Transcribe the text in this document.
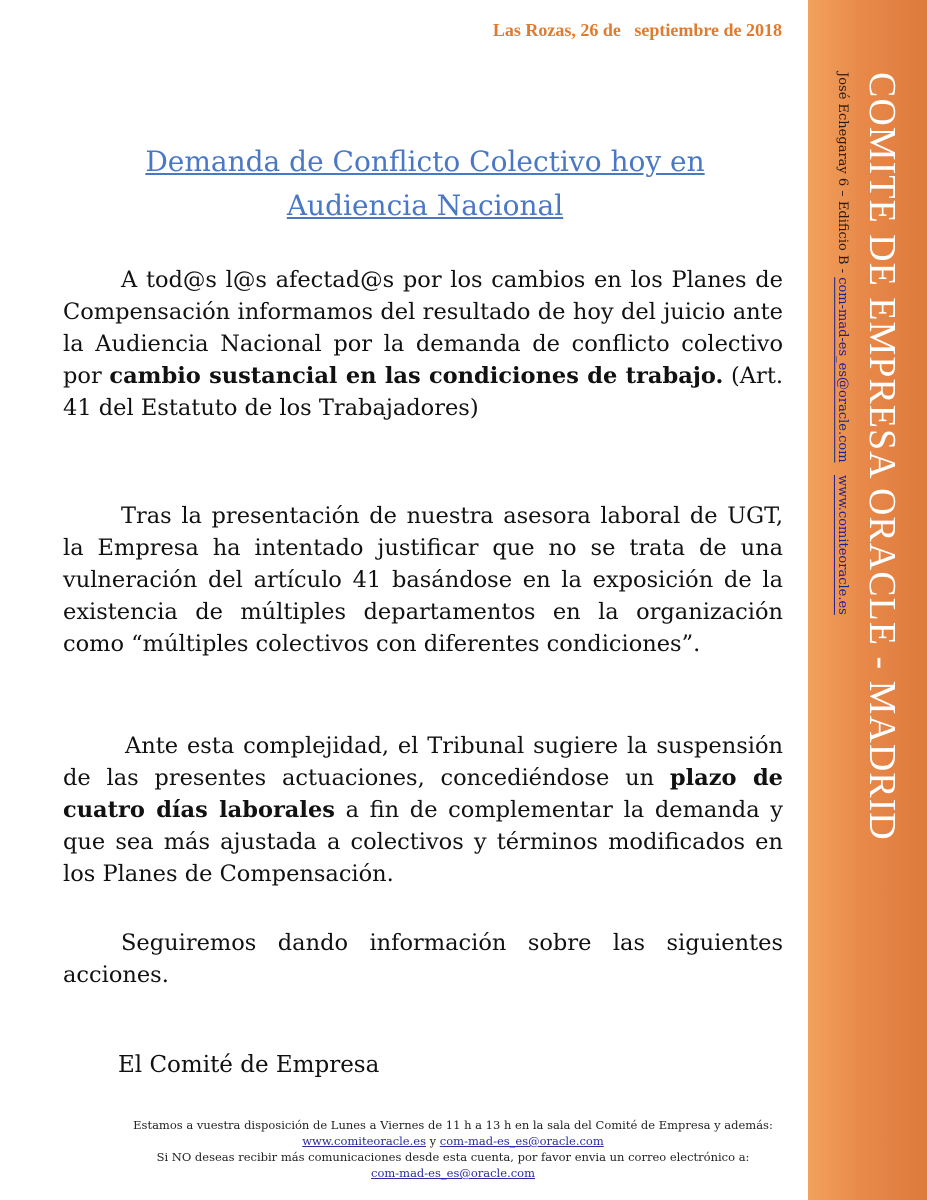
COMITE DE EMPRESA ORACLE - MADRID
José Echegaray 6 – Edificio B - com-mad-es_es@oracle.com   www.comiteoracle.es
Las Rozas, 26 de   septiembre de 2018
Demanda de Conflicto Colectivo hoy en
Audiencia Nacional

A tod@s l@s afectad@s por los cambios en los Planes de Compensación informamos del resultado de hoy del juicio ante la Audiencia Nacional por la demanda de conflicto colectivo por cambio sustancial en las condiciones de trabajo. (Art. 41 del Estatuto de los Trabajadores)

Tras la presentación de nuestra asesora laboral de UGT, la Empresa ha intentado justificar que no se trata de una vulneración del artículo 41 basándose en la exposición de la existencia de múltiples departamentos en la organización como “múltiples colectivos con diferentes condiciones”.

Ante esta complejidad, el Tribunal sugiere la suspensión de las presentes actuaciones, concediéndose un plazo de cuatro días laborales a fin de complementar la demanda y que sea más ajustada a colectivos y términos modificados en los Planes de Compensación.

Seguiremos dando información sobre las siguientes acciones.

El Comité de Empresa

Estamos a vuestra disposición de Lunes a Viernes de 11 h a 13 h en la sala del Comité de Empresa y además:
www.comiteoracle.es y com-mad-es_es@oracle.com
Si NO deseas recibir más comunicaciones desde esta cuenta, por favor envia un correo electrónico a:
com-mad-es_es@oracle.com
